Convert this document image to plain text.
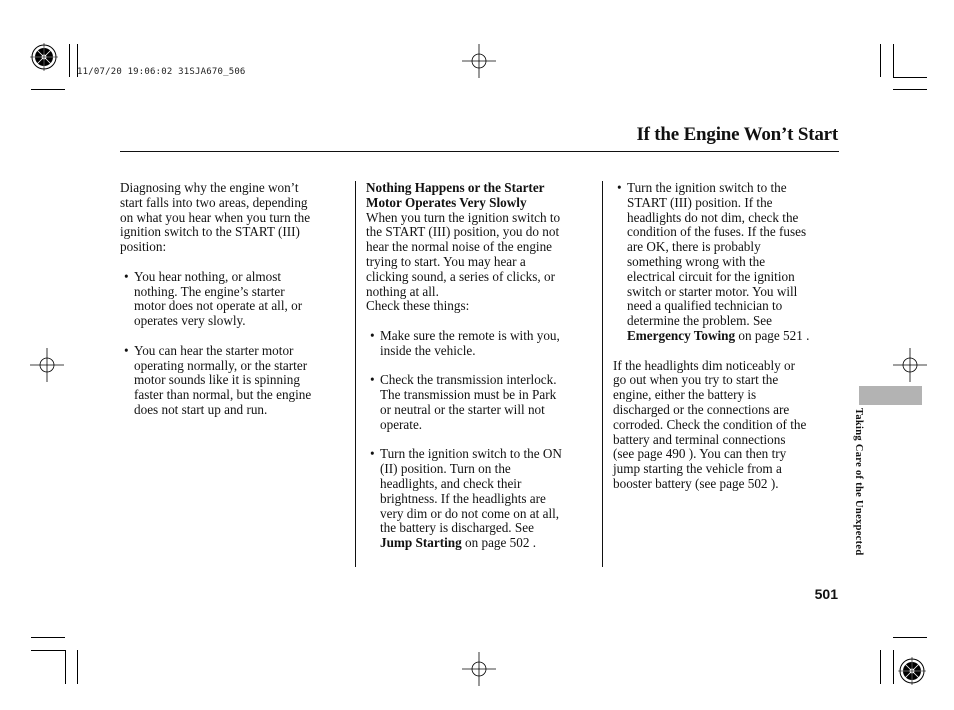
11/07/20 19:06:02 31SJA670_506
If the Engine Won’t Start

Diagnosing why the engine won’t
start falls into two areas, depending
on what you hear when you turn the
ignition switch to the START (III)
position:

• You hear nothing, or almost
nothing. The engine’s starter
motor does not operate at all, or
operates very slowly.

• You can hear the starter motor
operating normally, or the starter
motor sounds like it is spinning
faster than normal, but the engine
does not start up and run.

Nothing Happens or the Starter
Motor Operates Very Slowly

When you turn the ignition switch to
the START (III) position, you do not
hear the normal noise of the engine
trying to start. You may hear a
clicking sound, a series of clicks, or
nothing at all.
Check these things:

• Make sure the remote is with you,
inside the vehicle.

• Check the transmission interlock.
The transmission must be in Park
or neutral or the starter will not
operate.

• Turn the ignition switch to the ON
(II) position. Turn on the
headlights, and check their
brightness. If the headlights are
very dim or do not come on at all,
the battery is discharged. See
Jump Starting on page 502 .

• Turn the ignition switch to the
START (III) position. If the
headlights do not dim, check the
condition of the fuses. If the fuses
are OK, there is probably
something wrong with the
electrical circuit for the ignition
switch or starter motor. You will
need a qualified technician to
determine the problem. See
Emergency Towing on page 521 .

If the headlights dim noticeably or
go out when you try to start the
engine, either the battery is
discharged or the connections are
corroded. Check the condition of the
battery and terminal connections
(see page 490 ). You can then try
jump starting the vehicle from a
booster battery (see page 502 ).	Taking Care of the Unexpected
501
